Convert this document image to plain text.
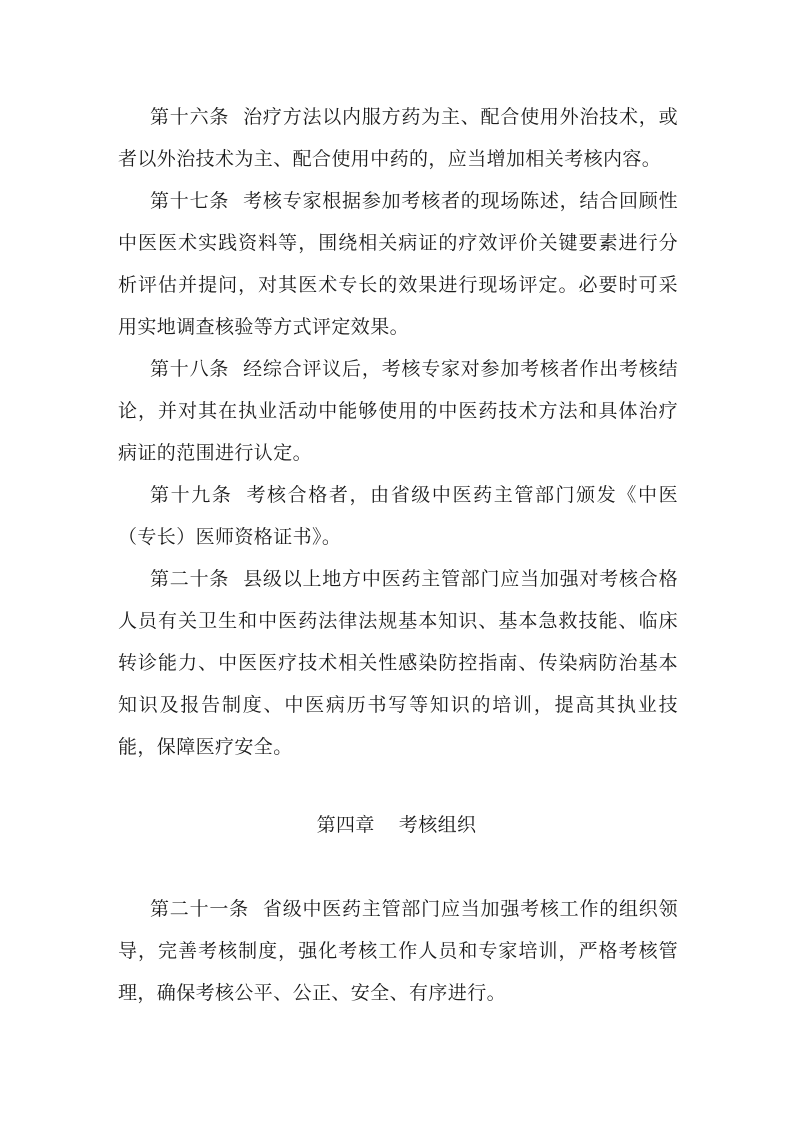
第十六条 治疗方法以内服方药为主、配合使用外治技术，或者以外治技术为主、配合使用中药的，应当增加相关考核内容。

第十七条 考核专家根据参加考核者的现场陈述，结合回顾性中医医术实践资料等，围绕相关病证的疗效评价关键要素进行分析评估并提问，对其医术专长的效果进行现场评定。必要时可采用实地调查核验等方式评定效果。

第十八条 经综合评议后，考核专家对参加考核者作出考核结论，并对其在执业活动中能够使用的中医药技术方法和具体治疗病证的范围进行认定。

第十九条 考核合格者，由省级中医药主管部门颁发《中医（专长）医师资格证书》。

第二十条 县级以上地方中医药主管部门应当加强对考核合格人员有关卫生和中医药法律法规基本知识、基本急救技能、临床转诊能力、中医医疗技术相关性感染防控指南、传染病防治基本知识及报告制度、中医病历书写等知识的培训，提高其执业技能，保障医疗安全。

第四章 考核组织

第二十一条 省级中医药主管部门应当加强考核工作的组织领导，完善考核制度，强化考核工作人员和专家培训，严格考核管理，确保考核公平、公正、安全、有序进行。
